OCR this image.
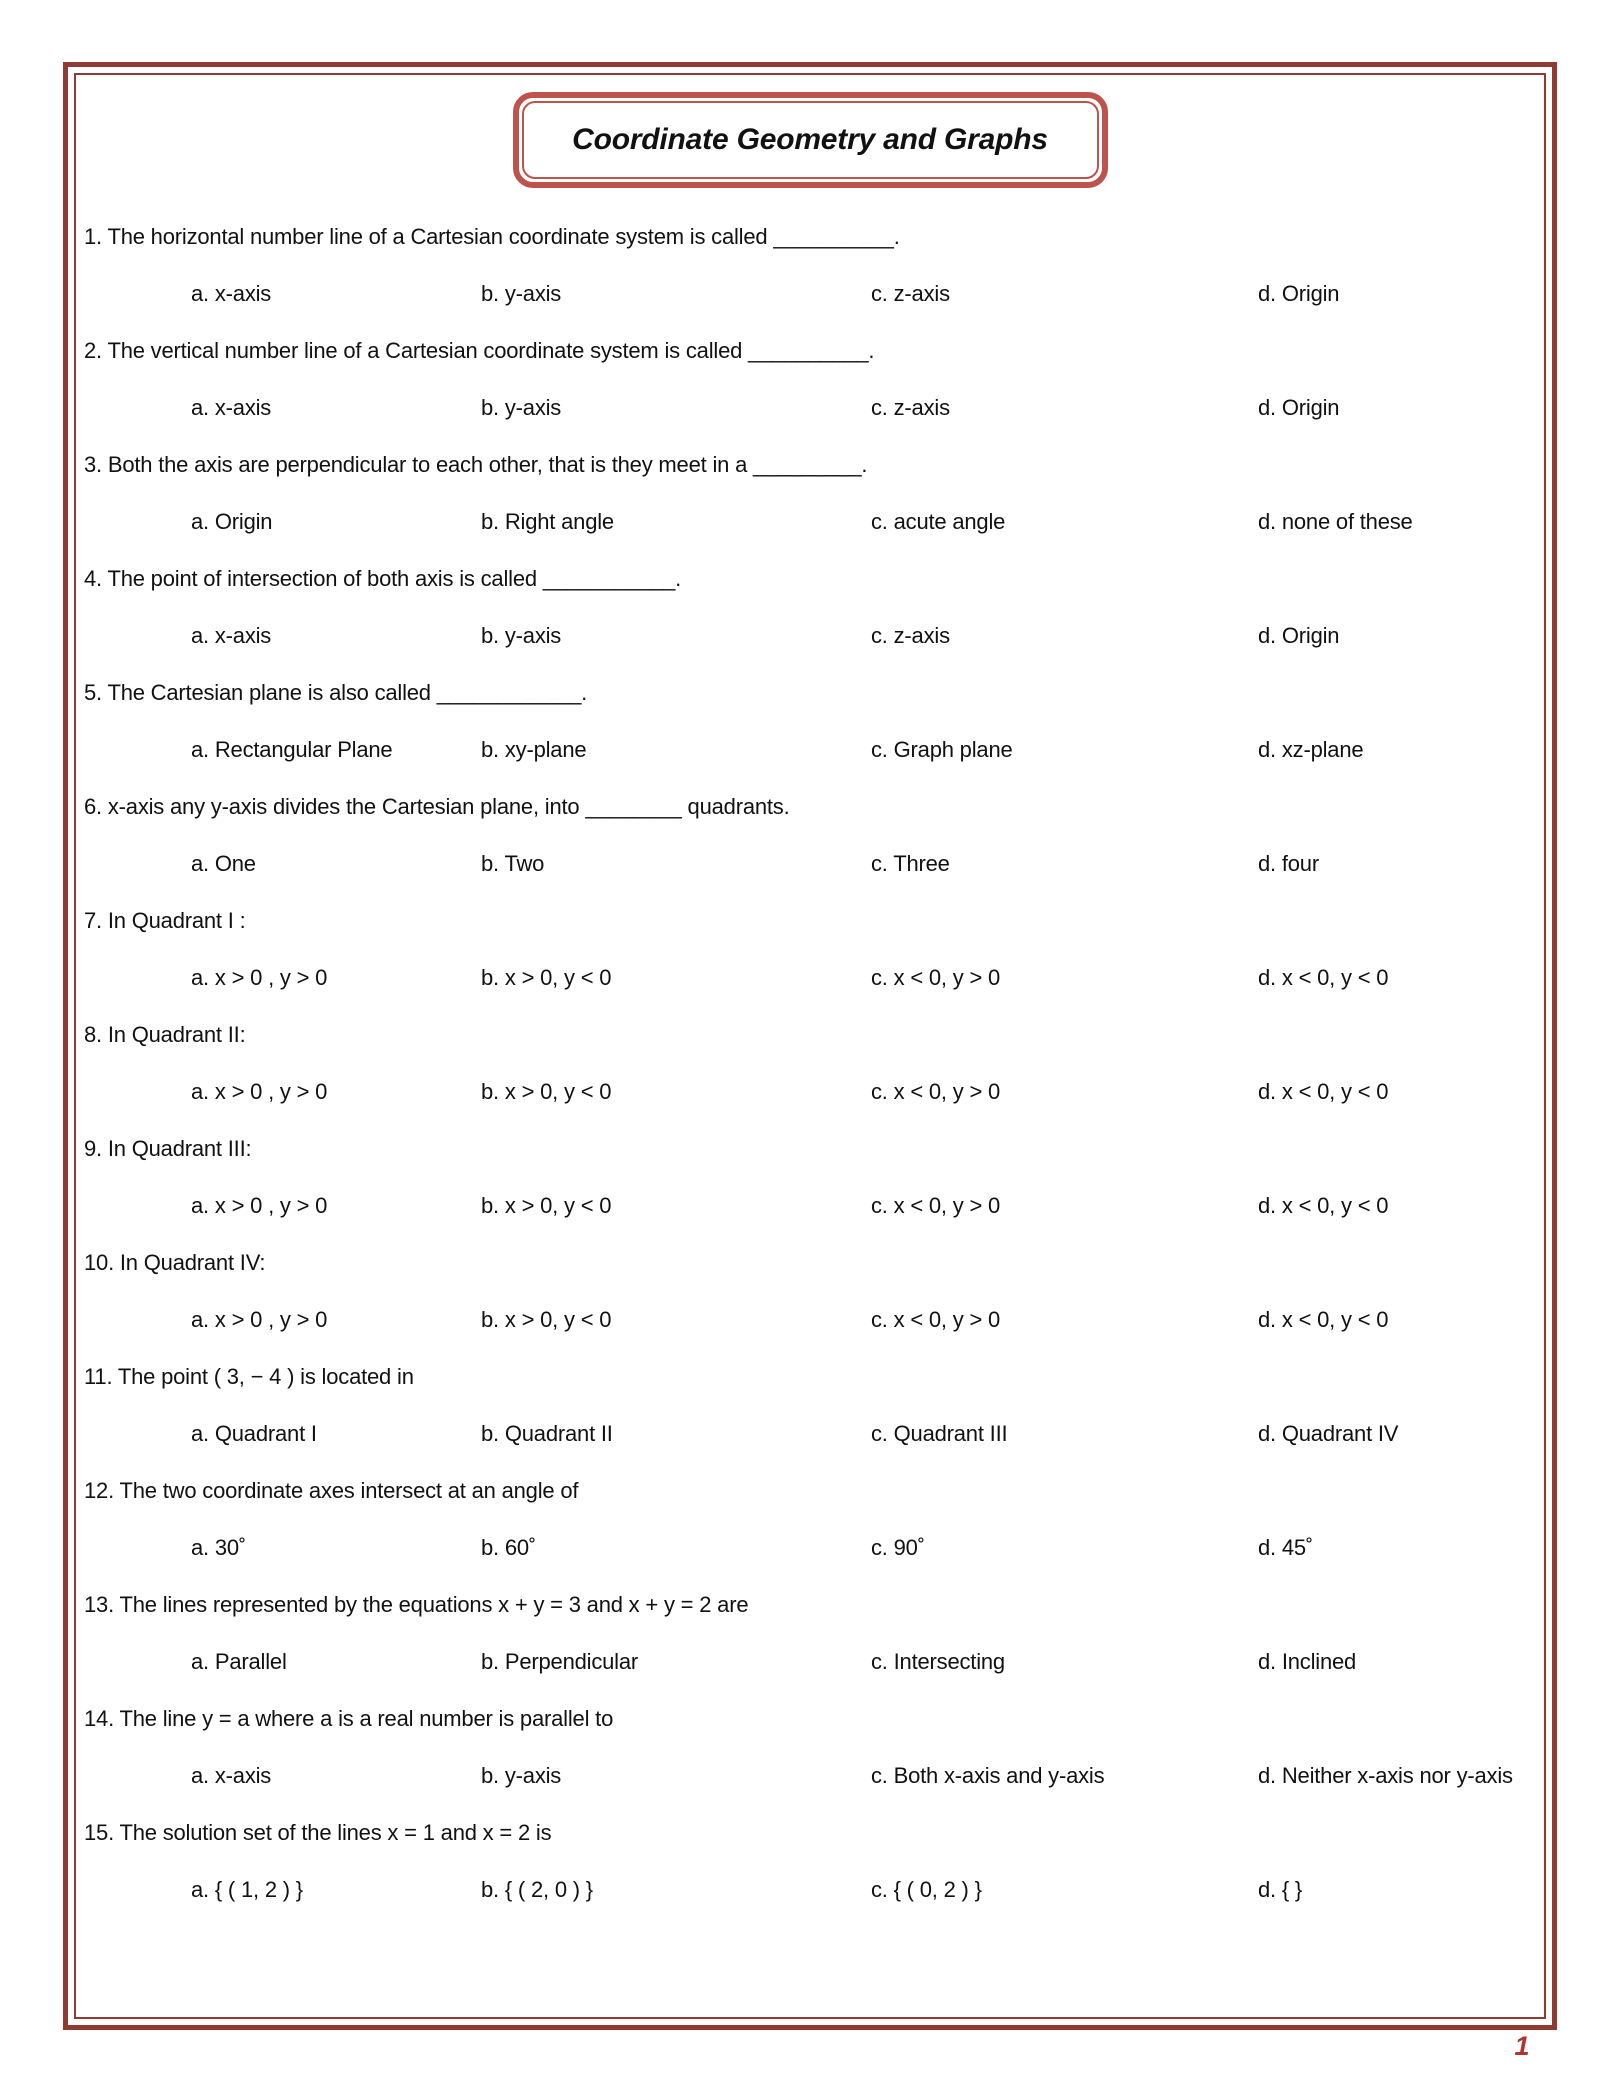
Coordinate Geometry and Graphs
1. The horizontal number line of a Cartesian coordinate system is called __________.
a. x-axis	b. y-axis	c. z-axis	d. Origin
2. The vertical number line of a Cartesian coordinate system is called __________.
a. x-axis	b. y-axis	c. z-axis	d. Origin
3. Both the axis are perpendicular to each other, that is they meet in a _________.
a. Origin	b. Right angle	c. acute angle	d. none of these
4. The point of intersection of both axis is called ___________.
a. x-axis	b. y-axis	c. z-axis	d. Origin
5. The Cartesian plane is also called ____________.
a. Rectangular Plane	b. xy-plane	c. Graph plane	d. xz-plane
6. x-axis any y-axis divides the Cartesian plane, into ________ quadrants.
a. One	b. Two	c. Three	d. four
7. In Quadrant I :
a. x > 0 , y > 0	b. x > 0, y < 0	c. x < 0, y > 0	d. x < 0, y < 0
8. In Quadrant II:
a. x > 0 , y > 0	b. x > 0, y < 0	c. x < 0, y > 0	d. x < 0, y < 0
9. In Quadrant III:
a. x > 0 , y > 0	b. x > 0, y < 0	c. x < 0, y > 0	d. x < 0, y < 0
10. In Quadrant IV:
a. x > 0 , y > 0	b. x > 0, y < 0	c. x < 0, y > 0	d. x < 0, y < 0
11. The point ( 3, − 4 ) is located in
a. Quadrant I	b. Quadrant II	c. Quadrant III	d. Quadrant IV
12. The two coordinate axes intersect at an angle of
a. 30˚	b. 60˚	c. 90˚	d. 45˚
13. The lines represented by the equations x + y = 3 and x + y = 2 are
a. Parallel	b. Perpendicular	c. Intersecting	d. Inclined
14. The line y = a where a is a real number is parallel to
a. x-axis	b. y-axis	c. Both x-axis and y-axis	d. Neither x-axis nor y-axis
15. The solution set of the lines x = 1 and x = 2 is
a. { ( 1, 2 ) }	b. { ( 2, 0 ) }	c. { ( 0, 2 ) }	d. { }
1
